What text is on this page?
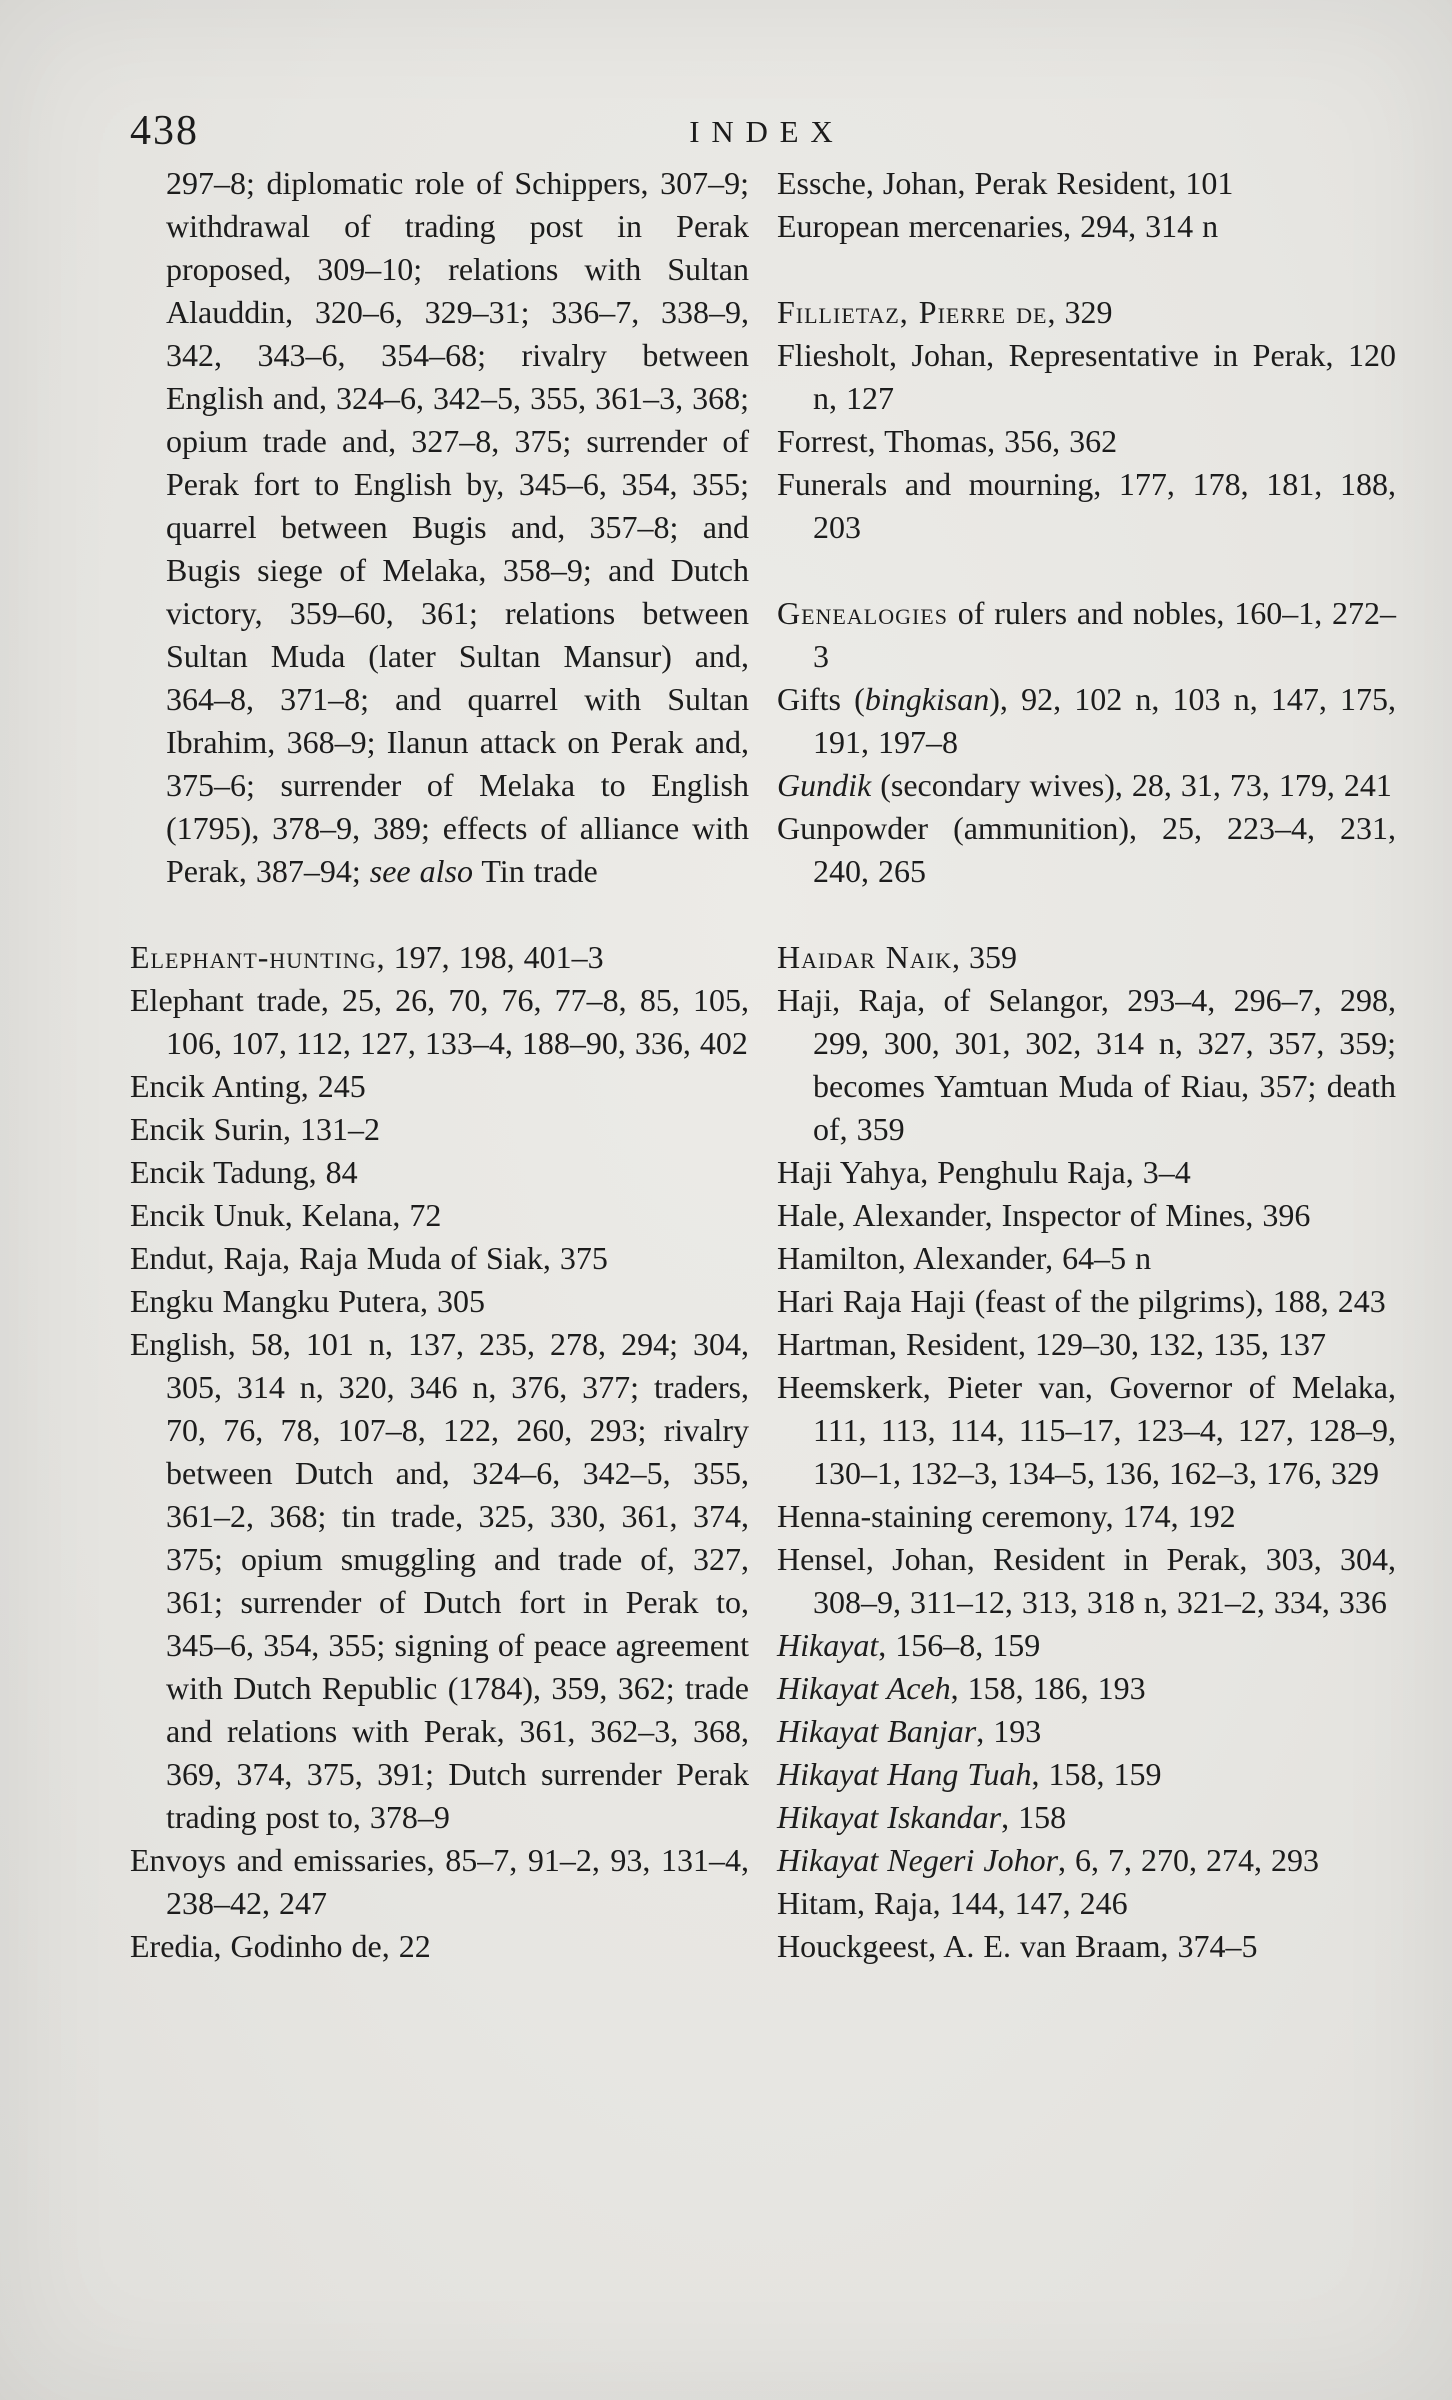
438	INDEX

297–8; diplomatic role of Schippers, 307–9; withdrawal of trading post in Perak proposed, 309–10; relations with Sultan Alauddin, 320–6, 329–31; 336–7, 338–9, 342, 343–6, 354–68; rivalry between English and, 324–6, 342–5, 355, 361–3, 368; opium trade and, 327–8, 375; surrender of Perak fort to English by, 345–6, 354, 355; quarrel between Bugis and, 357–8; and Bugis siege of Melaka, 358–9; and Dutch victory, 359–60, 361; relations between Sultan Muda (later Sultan Mansur) and, 364–8, 371–8; and quarrel with Sultan Ibrahim, 368–9; Ilanun attack on Perak and, 375–6; surrender of Melaka to English (1795), 378–9, 389; effects of alliance with Perak, 387–94; see also Tin trade

Elephant-hunting, 197, 198, 401–3

Elephant trade, 25, 26, 70, 76, 77–8, 85, 105, 106, 107, 112, 127, 133–4, 188–90, 336, 402

Encik Anting, 245

Encik Surin, 131–2

Encik Tadung, 84

Encik Unuk, Kelana, 72

Endut, Raja, Raja Muda of Siak, 375

Engku Mangku Putera, 305

English, 58, 101 n, 137, 235, 278, 294; 304, 305, 314 n, 320, 346 n, 376, 377; traders, 70, 76, 78, 107–8, 122, 260, 293; rivalry between Dutch and, 324–6, 342–5, 355, 361–2, 368; tin trade, 325, 330, 361, 374, 375; opium smuggling and trade of, 327, 361; surrender of Dutch fort in Perak to, 345–6, 354, 355; signing of peace agreement with Dutch Republic (1784), 359, 362; trade and relations with Perak, 361, 362–3, 368, 369, 374, 375, 391; Dutch surrender Perak trading post to, 378–9

Envoys and emissaries, 85–7, 91–2, 93, 131–4, 238–42, 247

Eredia, Godinho de, 22

Essche, Johan, Perak Resident, 101

European mercenaries, 294, 314 n

Fillietaz, Pierre de, 329

Fliesholt, Johan, Representative in Perak, 120 n, 127

Forrest, Thomas, 356, 362

Funerals and mourning, 177, 178, 181, 188, 203

Genealogies of rulers and nobles, 160–1, 272–3

Gifts (bingkisan), 92, 102 n, 103 n, 147, 175, 191, 197–8

Gundik (secondary wives), 28, 31, 73, 179, 241

Gunpowder (ammunition), 25, 223–4, 231, 240, 265

Haidar Naik, 359

Haji, Raja, of Selangor, 293–4, 296–7, 298, 299, 300, 301, 302, 314 n, 327, 357, 359; becomes Yamtuan Muda of Riau, 357; death of, 359

Haji Yahya, Penghulu Raja, 3–4

Hale, Alexander, Inspector of Mines, 396

Hamilton, Alexander, 64–5 n

Hari Raja Haji (feast of the pilgrims), 188, 243

Hartman, Resident, 129–30, 132, 135, 137

Heemskerk, Pieter van, Governor of Melaka, 111, 113, 114, 115–17, 123–4, 127, 128–9, 130–1, 132–3, 134–5, 136, 162–3, 176, 329

Henna-staining ceremony, 174, 192

Hensel, Johan, Resident in Perak, 303, 304, 308–9, 311–12, 313, 318 n, 321–2, 334, 336

Hikayat, 156–8, 159

Hikayat Aceh, 158, 186, 193

Hikayat Banjar, 193

Hikayat Hang Tuah, 158, 159

Hikayat Iskandar, 158

Hikayat Negeri Johor, 6, 7, 270, 274, 293

Hitam, Raja, 144, 147, 246

Houckgeest, A. E. van Braam, 374–5
